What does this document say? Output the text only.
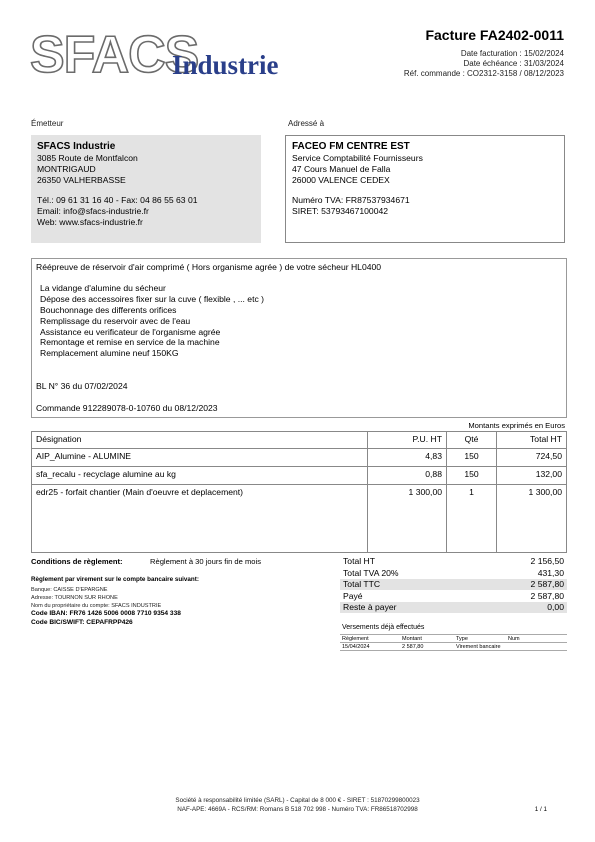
SFACS
Industrie
Facture FA2402-0011
Date facturation : 15/02/2024
Date échéance : 31/03/2024
Réf. commande : CO2312-3158 / 08/12/2023
Émetteur	Adressé à
SFACS Industrie
3085 Route de Montfalcon
MONTRIGAUD
26350 VALHERBASSE
Tél.: 09 61 31 16 40 - Fax: 04 86 55 63 01
Email: info@sfacs-industrie.fr
Web: www.sfacs-industrie.fr
FACEO FM CENTRE EST
Service Comptabilité Fournisseurs
47 Cours Manuel de Falla
26000 VALENCE CEDEX
Numéro TVA: FR87537934671
SIRET: 53793467100042
Réépreuve de réservoir d'air comprimé ( Hors organisme agrée ) de votre sécheur HL0400
La vidange d'alumine du sécheur
Dépose des accessoires fixer sur la cuve ( flexible , ... etc )
Bouchonnage des differents orifices
Remplissage du reservoir avec de l'eau
Assistance eu verificateur de l'organisme agrée
Remontage et remise en service de la machine
Remplacement alumine neuf 150KG
BL N° 36 du 07/02/2024
Commande 912289078-0-10760 du 08/12/2023
Montants exprimés en Euros
Désignation	P.U. HT	Qté	Total HT
AIP_Alumine - ALUMINE	4,83	150	724,50
sfa_recalu - recyclage alumine au kg	0,88	150	132,00
edr25 - forfait chantier (Main d'oeuvre et deplacement)	1 300,00	1	1 300,00
Conditions de règlement:	Règlement à 30 jours fin de mois
Règlement par virement sur le compte bancaire suivant:
Banque: CAISSE D'EPARGNE
Adresse: TOURNON SUR RHONE
Nom du propriétaire du compte: SFACS INDUSTRIE
Code IBAN: FR76 1426 5006 0008 7710 9354 338
Code BIC/SWIFT: CEPAFRPP426
Total HT	2 156,50
Total TVA 20%	431,30
Total TTC	2 587,80
Payé	2 587,80
Reste à payer	0,00
Versements déjà effectués
Règlement	Montant	Type	Num
15/04/2024	2 587,80	Virement bancaire	
Société à responsabilité limitée (SARL) - Capital de 8 000 € - SIRET : 51870299800023
NAF-APE: 4669A - RCS/RM: Romans B 518 702 998 - Numéro TVA: FR86518702998	1 / 1
